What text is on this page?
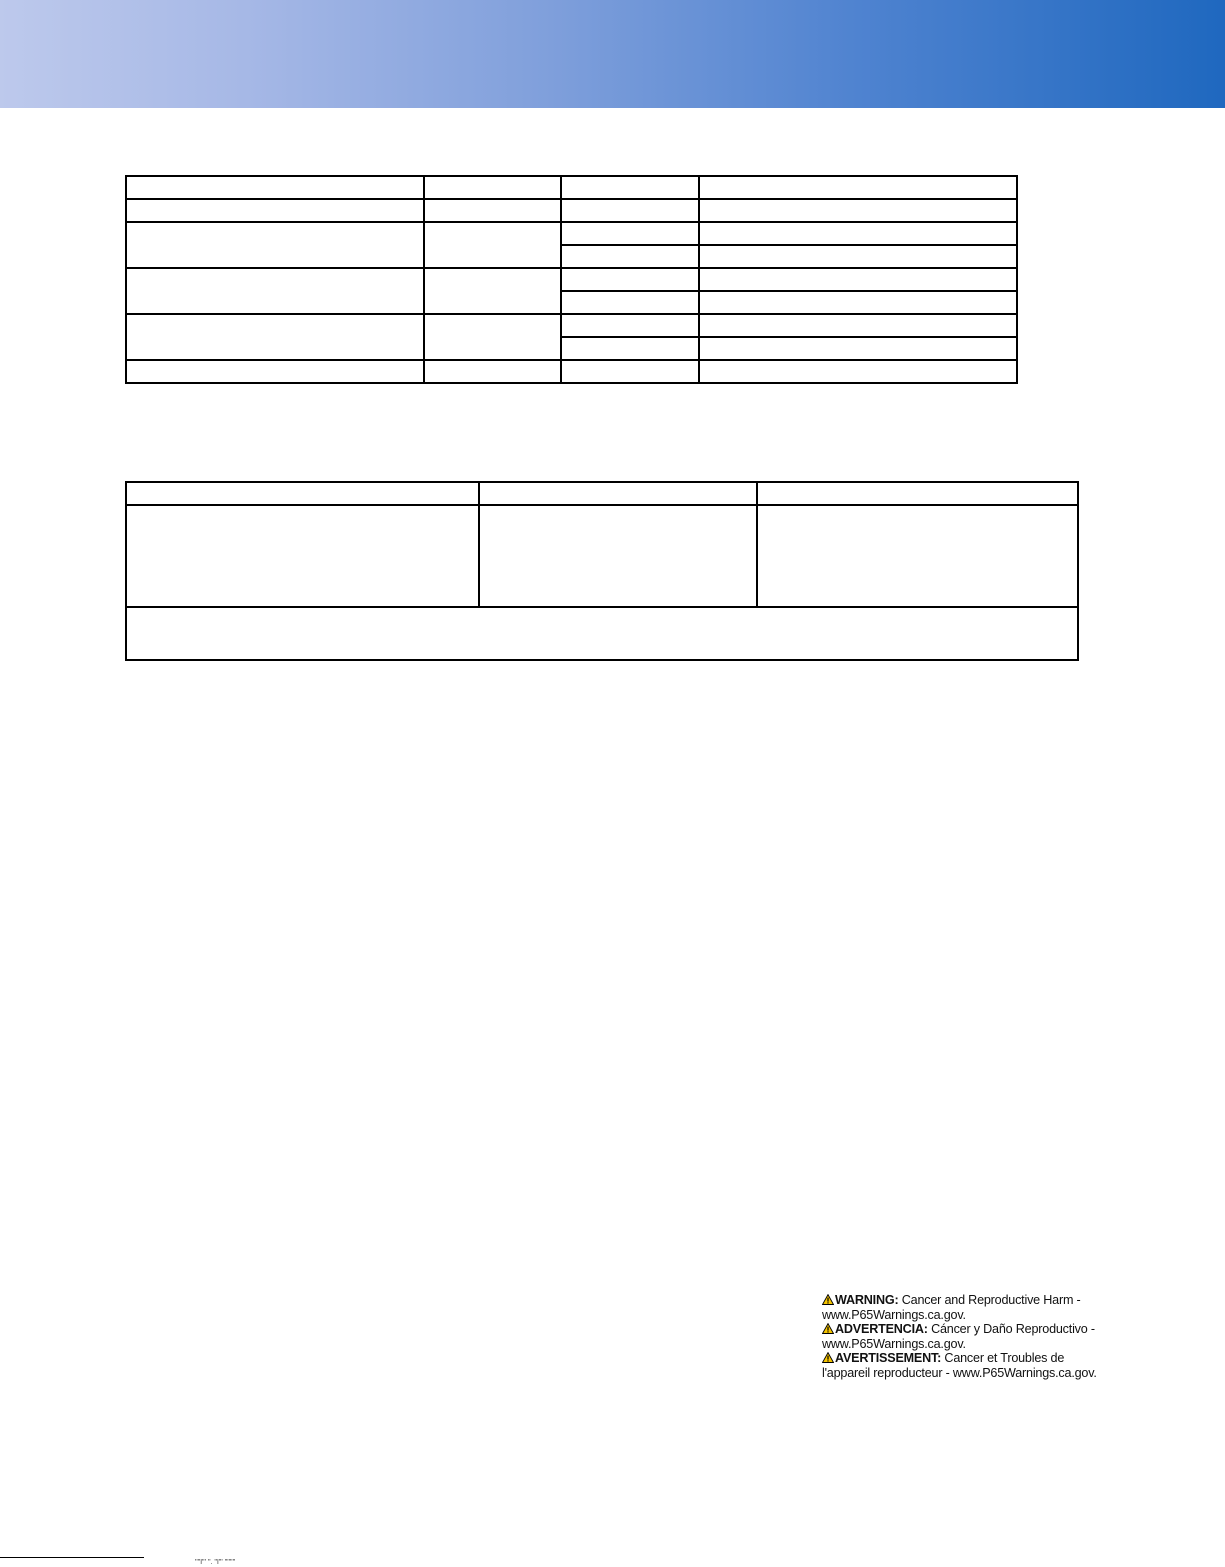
WARNING: Cancer and Reproductive Harm -
www.P65Warnings.ca.gov.
ADVERTENCIA: Cáncer y Daño Reproductivo -
www.P65Warnings.ca.gov.
AVERTISSEMENT: Cancer et Troubles de
l'appareil reproducteur - www.P65Warnings.ca.gov.
''''l''' ''. ''l''' ''''''''
